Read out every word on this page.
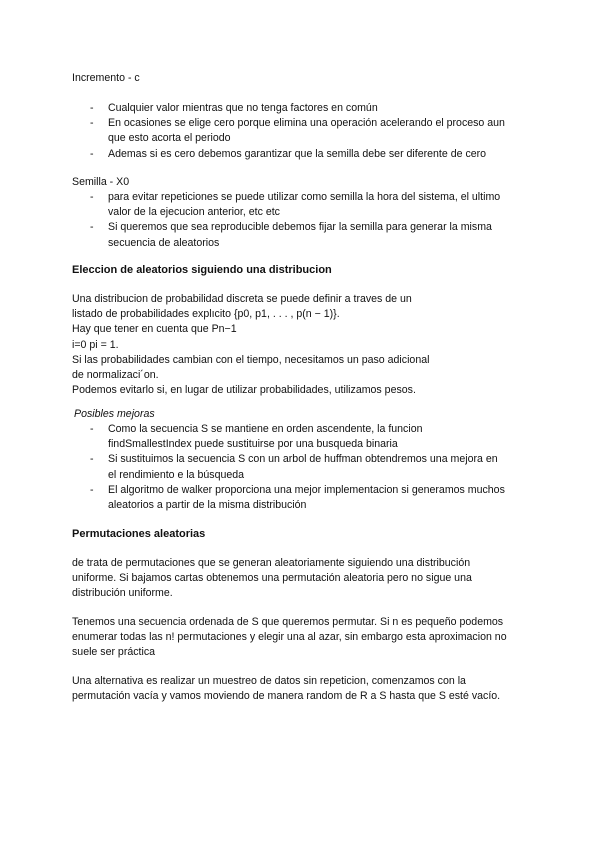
Incrementо - c

- Cualquier valor mientras que no tenga factores en común
- En ocasiones se elige cero porque elimina una operación acelerando el proceso aun
que esto acorta el periodo
- Ademas si es cero debemos garantizar que la semilla debe ser diferente de cero

Semilla - X0

- para evitar repeticiones se puede utilizar como semilla la hora del sistema, el ultimo
valor de la ejecucion anterior, etc etc
- Si queremos que sea reproducible debemos fijar la semilla para generar la misma
secuencia de aleatorios

Eleccion de aleatorios siguiendo una distribucion

Una distribucion de probabilidad discreta se puede definir a traves de un

listado de probabilidades explıcito {p0, p1, . . . , p(n − 1)}.

Hay que tener en cuenta que Pn−1

i=0 pi = 1.

Si las probabilidades cambian con el tiempo, necesitamos un paso adicional

de normalizaci´on.

Podemos evitarlo si, en lugar de utilizar probabilidades, utilizamos pesos.

Posibles mejoras

- Como la secuencia S se mantiene en orden ascendente, la funcion
findSmallestIndex puede sustituirse por una busqueda binaria
- Si sustituimos la secuencia S con un arbol de huffman obtendremos una mejora en
el rendimiento e la búsqueda
- El algoritmo de walker proporciona una mejor implementacion si generamos muchos
aleatorios a partir de la misma distribución

Permutaciones aleatorias

de trata de permutaciones que se generan aleatoriamente siguiendo una distribución

uniforme. Si bajamos cartas obtenemos una permutación aleatoria pero no sigue una

distribución uniforme.

Tenemos una secuencia ordenada de S que queremos permutar. Si n es pequeño podemos

enumerar todas las n! permutaciones y elegir una al azar, sin embargo esta aproximacion no

suele ser práctica

Una alternativa es realizar un muestreo de datos sin repeticion, comenzamos con la

permutación vacía y vamos moviendo de manera random de R a S hasta que S esté vacío.
